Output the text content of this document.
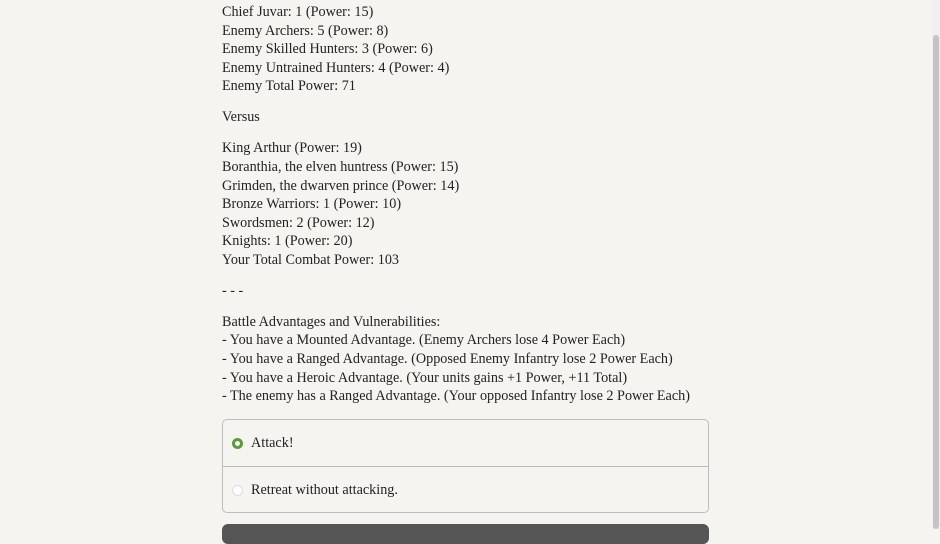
Chief Juvar: 1 (Power: 15)
Enemy Archers: 5 (Power: 8)
Enemy Skilled Hunters: 3 (Power: 6)
Enemy Untrained Hunters: 4 (Power: 4)
Enemy Total Power: 71
Versus
King Arthur (Power: 19)
Boranthia, the elven huntress (Power: 15)
Grimden, the dwarven prince (Power: 14)
Bronze Warriors: 1 (Power: 10)
Swordsmen: 2 (Power: 12)
Knights: 1 (Power: 20)
Your Total Combat Power: 103
- - -
Battle Advantages and Vulnerabilities:
- You have a Mounted Advantage. (Enemy Archers lose 4 Power Each)
- You have a Ranged Advantage. (Opposed Enemy Infantry lose 2 Power Each)
- You have a Heroic Advantage. (Your units gains +1 Power, +11 Total)
- The enemy has a Ranged Advantage. (Your opposed Infantry lose 2 Power Each)
Attack!
Retreat without attacking.
